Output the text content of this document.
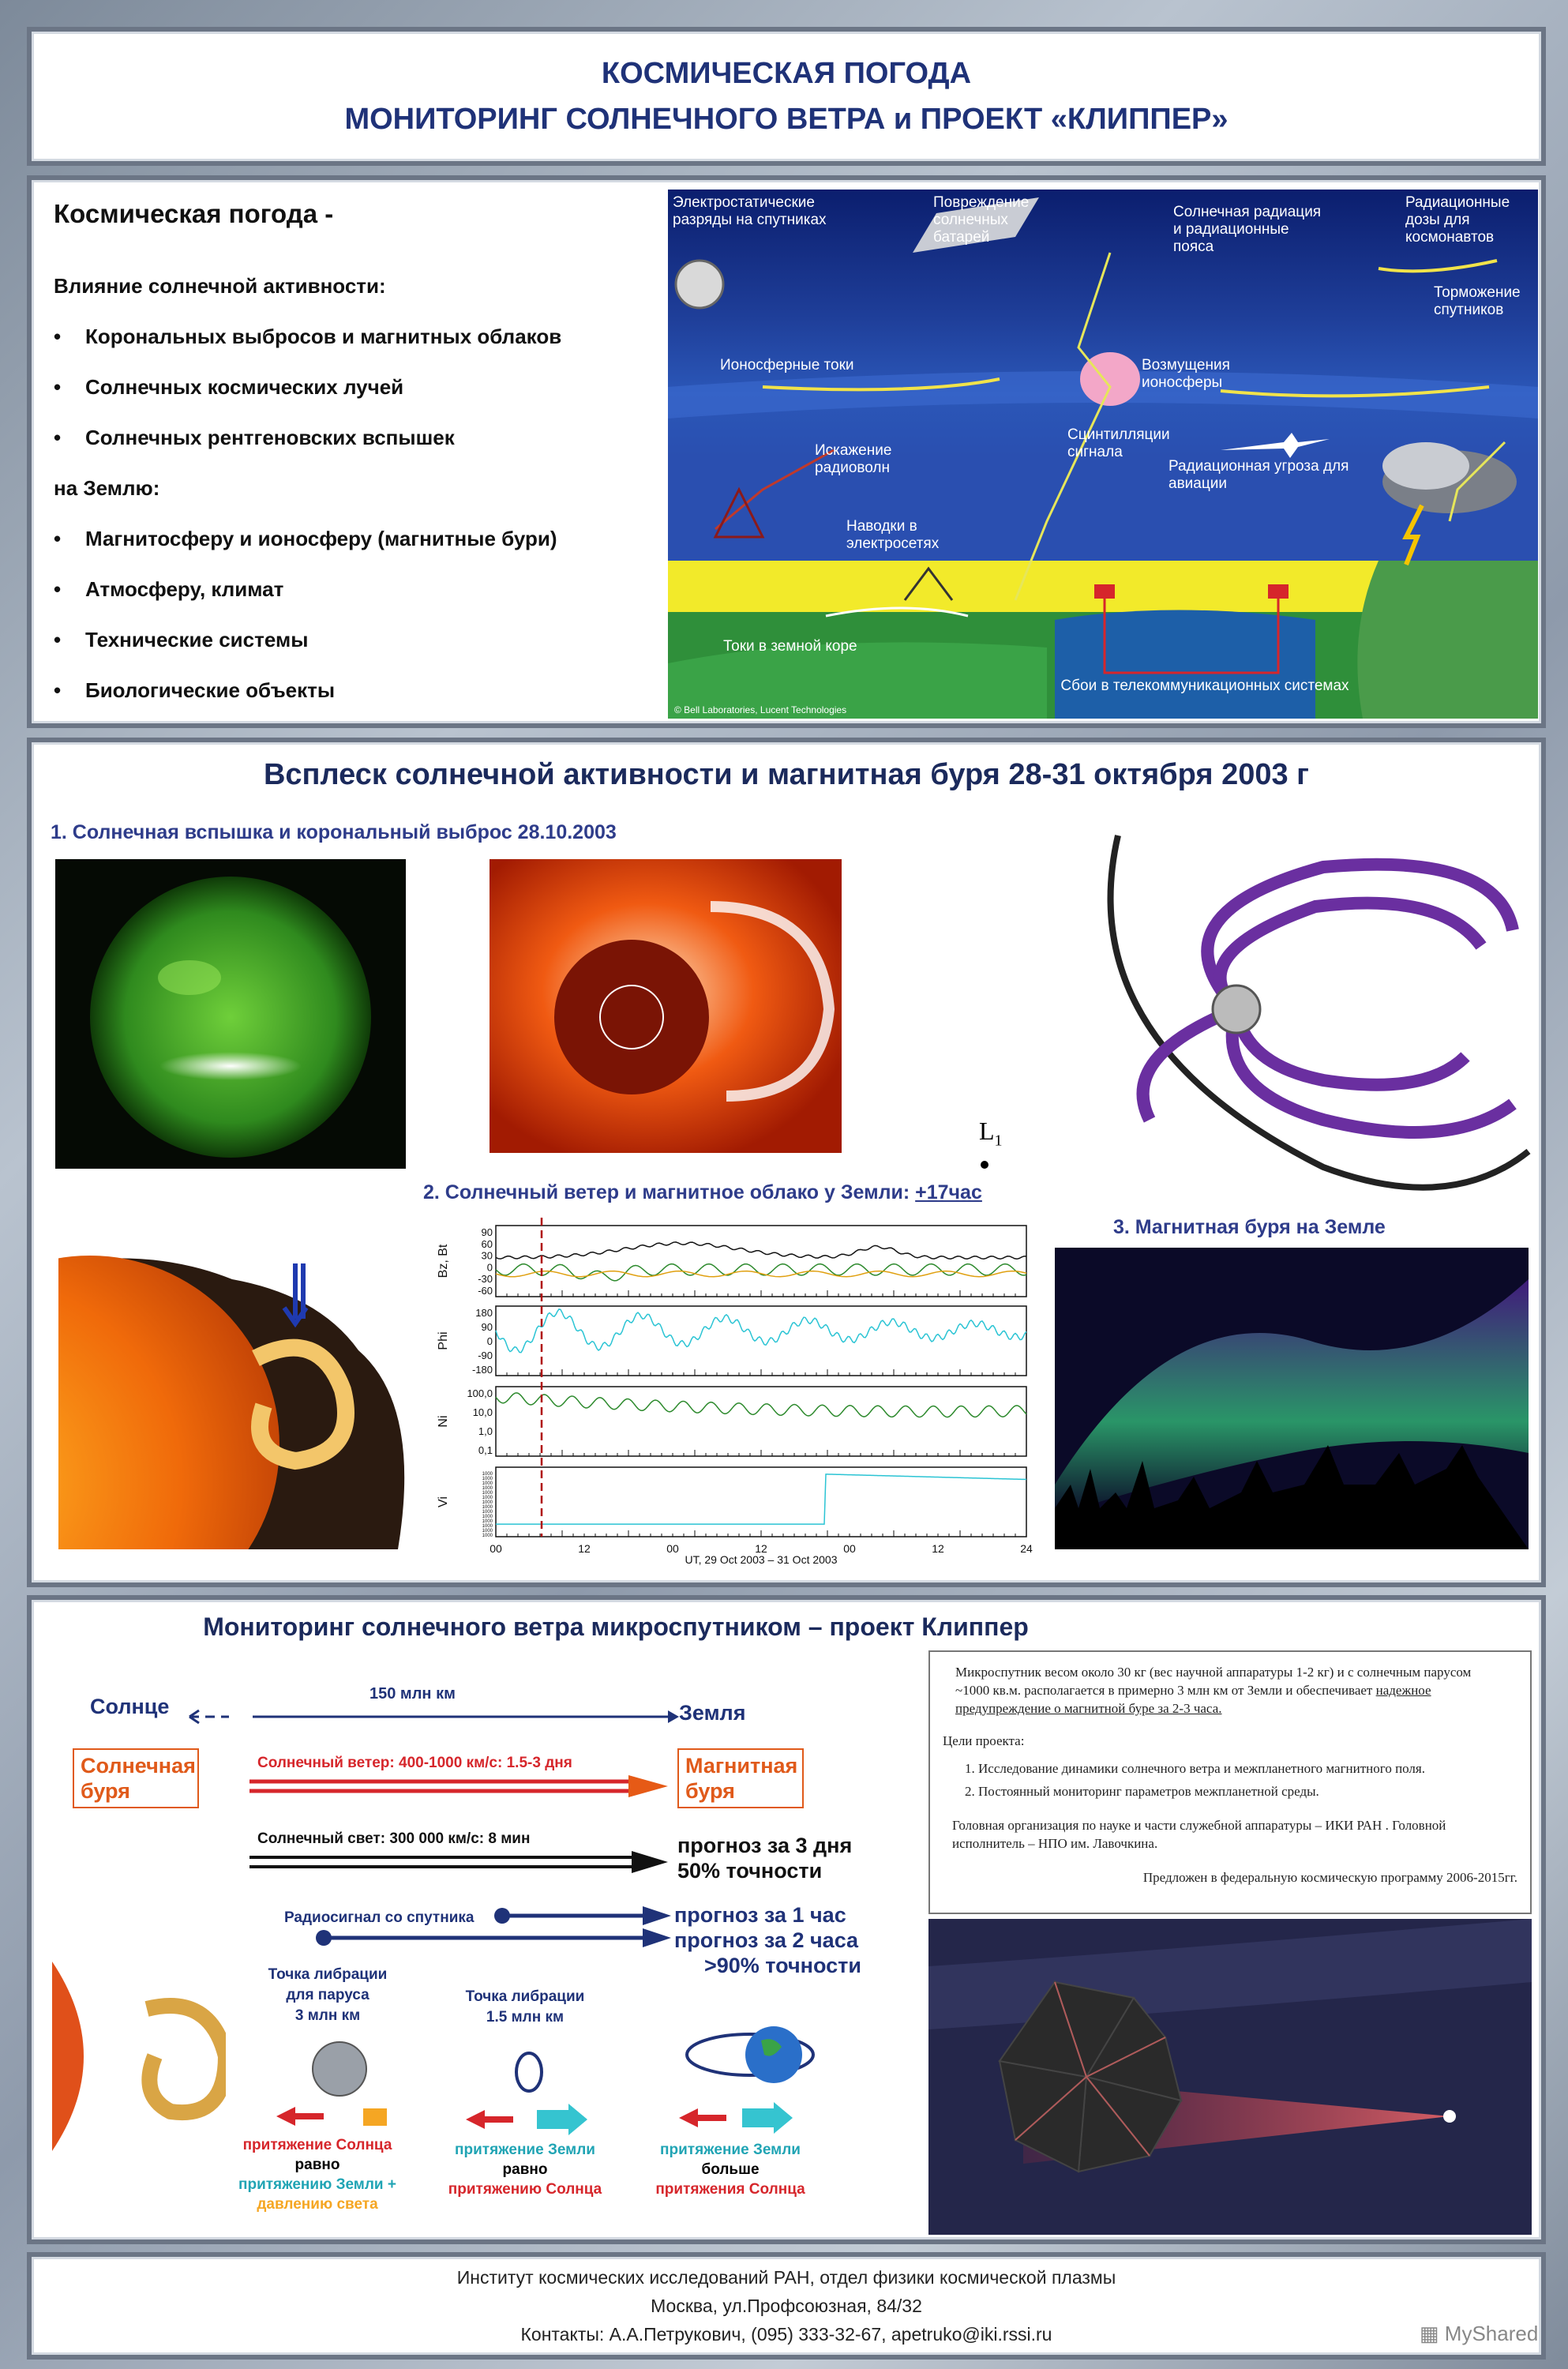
КОСМИЧЕСКАЯ ПОГОДА
МОНИТОРИНГ СОЛНЕЧНОГО ВЕТРА и ПРОЕКТ «КЛИППЕР»
Космическая погода -
Влияние солнечной активности:
• Корональных выбросов и магнитных облаков
• Солнечных космических лучей
• Солнечных рентгеновских вспышек
на Землю:
• Магнитосферу и ионосферу (магнитные бури)
• Атмосферу, климат
• Технические системы
• Биологические объекты
Электростатические разряды на спутниках
Повреждение солнечных батарей
Солнечная радиация и радиационные пояса
Радиационные дозы для космонавтов
Торможение спутников
Ионосферные токи	Возмущения ионосферы
Искажение радиоволн
Сцинтилляции сигнала
Радиационная угроза для авиации
Наводки в электросетях
Токи в земной коре
Сбои в телекоммуникационных системах
© Bell Laboratories, Lucent Technologies
Всплеск солнечной активности и магнитная буря 28-31 октября 2003 г
1. Солнечная вспышка и корональный выброс 28.10.2003
$L_1$
2. Солнечный ветер и магнитное облако у Земли: +17час
3. Магнитная буря на Земле
Bz, Bt
Phi
Ni
Vi
90
60
30
0
-30
-60
180
90
0
-90
-180
100,0
10,0
1,0
0,1
1000
1000
1000
1000
1000
1000
1000
1000
1000
1000
1000
1000
1000
1000
00	12	00	12	00	12	24
UT, 29 Oct 2003 – 31 Oct 2003
Мониторинг солнечного ветра микроспутником – проект Клиппер
Солнце	Земля
150 млн км
Солнечная буря
Солнечный ветер: 400-1000 км/с: 1.5-3 дня	Магнитная буря
Солнечный свет: 300 000 км/с: 8 мин	прогноз за 3 дня
50% точности
Радиосигнал со спутника	прогноз за 1 час
прогноз за 2 часа
>90% точности
Точка либрации
для паруса
3 млн км
притяжение Солнца
равно
притяжению Земли +
давлению света
Точка либрации
1.5 млн км
притяжение Земли
равно
притяжению Солнца
притяжение Земли
больше
притяжения Солнца
Микроспутник весом около 30 кг (вес научной аппаратуры 1-2 кг) и с солнечным парусом ~1000 кв.м. располагается в примерно 3 млн км от Земли и обеспечивает надежное предупреждение о магнитной буре за 2-3 часа.
Цели проекта:
1. Исследование динамики солнечного ветра и межпланетного магнитного поля.
2. Постоянный мониторинг параметров межпланетной среды.
Головная организация по науке и части служебной аппаратуры – ИКИ РАН . Головной исполнитель – НПО им. Лавочкина.
Предложен в федеральную космическую программу 2006-2015гг.
Институт космических исследований РАН, отдел физики космической плазмы
Москва, ул.Профсоюзная, 84/32
Контакты: А.А.Петрукович, (095) 333-32-67, apetruko@iki.rssi.ru	▦ MyShared
